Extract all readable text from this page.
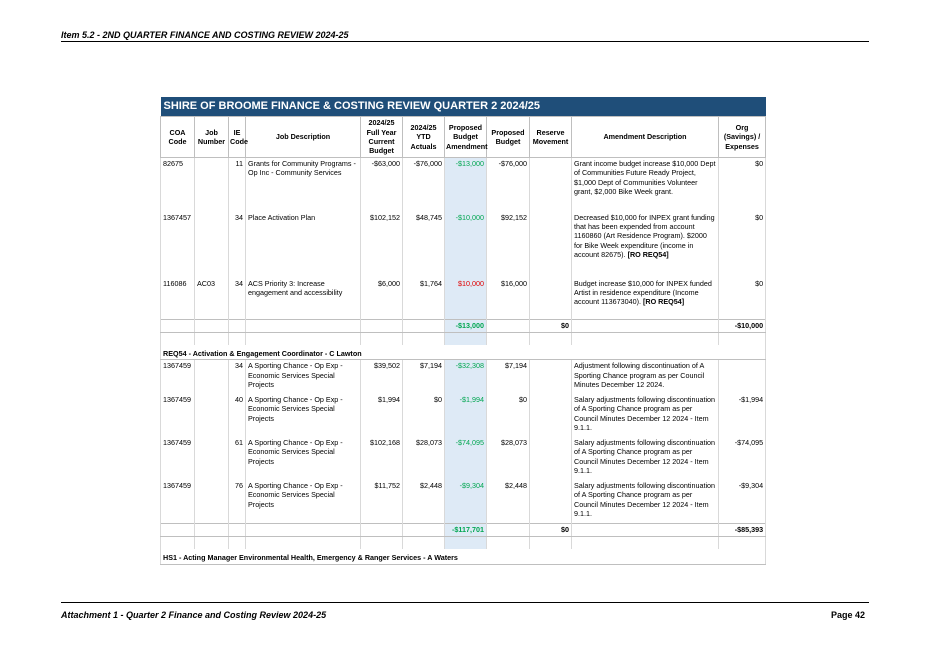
Item 5.2 - 2ND QUARTER FINANCE AND COSTING REVIEW 2024-25
SHIRE OF BROOME FINANCE & COSTING REVIEW QUARTER 2 2024/25										
COA Code	Job Number	IE Code	Job Description	2024/25 Full Year Current Budget	2024/25 YTD Actuals	Proposed Budget Amendment	Proposed Budget	Reserve Movement	Amendment Description	Org (Savings) / Expenses
82675		11	Grants for Community Programs - Op Inc - Community Services	-$63,000	-$76,000	-$13,000	-$76,000		Grant income budget increase $10,000 Dept of Communities Future Ready Project, $1,000 Dept of Communities Volunteer grant, $2,000 Bike Week grant.	$0
1367457		34	Place Activation Plan	$102,152	$48,745	-$10,000	$92,152		Decreased $10,000 for INPEX grant funding that has been expended from account 1160860 (Art Residence Program). $2000 for Bike Week expenditure (income in account 82675). [RO REQ54]	$0
116086	AC03	34	ACS Priority 3: Increase engagement and accessibility	$6,000	$1,764	$10,000	$16,000		Budget increase $10,000 for INPEX funded Artist in residence expenditure (Income account 113673040). [RO REQ54]	$0
						-$13,000		$0		-$10,000

REQ54 - Activation & Engagement Coordinator - C Lawton										
1367459		34	A Sporting Chance - Op Exp - Economic Services Special Projects	$39,502	$7,194	-$32,308	$7,194		Adjustment following discontinuation of A Sporting Chance program as per Council Minutes December 12 2024.	
1367459		40	A Sporting Chance - Op Exp - Economic Services Special Projects	$1,994	$0	-$1,994	$0		Salary adjustments following discontinuation of A Sporting Chance program as per Council Minutes December 12 2024 - Item 9.1.1.	-$1,994
1367459		61	A Sporting Chance - Op Exp - Economic Services Special Projects	$102,168	$28,073	-$74,095	$28,073		Salary adjustments following discontinuation of A Sporting Chance program as per Council Minutes December 12 2024 - Item 9.1.1.	-$74,095
1367459		76	A Sporting Chance - Op Exp - Economic Services Special Projects	$11,752	$2,448	-$9,304	$2,448		Salary adjustments following discontinuation of A Sporting Chance program as per Council Minutes December 12 2024 - Item 9.1.1.	-$9,304
						-$117,701		$0		-$85,393

HS1 - Acting Manager Environmental Health, Emergency & Ranger Services - A Waters										
Attachment 1 - Quarter 2 Finance and Costing Review 2024-25	Page 42
